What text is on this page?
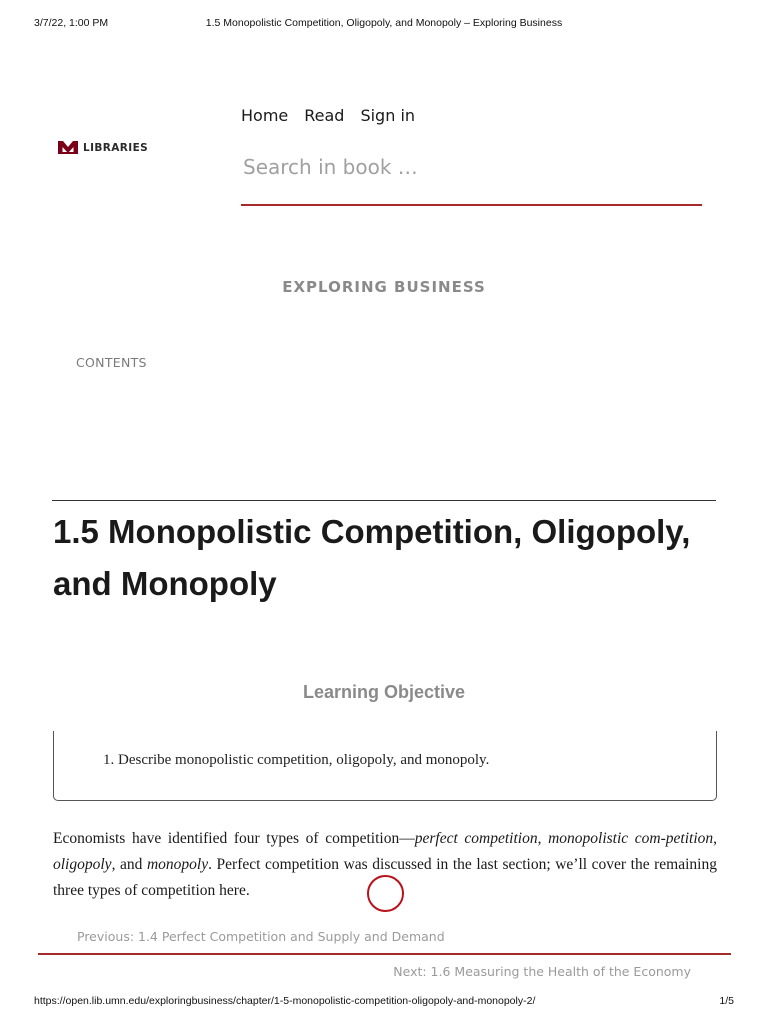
3/7/22, 1:00 PM	1.5 Monopolistic Competition, Oligopoly, and Monopoly – Exploring Business
LIBRARIES
Home Read Sign in
Search in book …
EXPLORING BUSINESS
CONTENTS
1.5 Monopolistic Competition, Oligopoly, and Monopoly
Learning Objective
1. Describe monopolistic competition, oligopoly, and monopoly.

Economists have identified four types of competition—perfect competition, monopolistic com-petition, oligopoly, and monopoly. Perfect competition was discussed in the last section; we’ll cover the remaining three types of competition here.

Previous: 1.4 Perfect Competition and Supply and Demand
Next: 1.6 Measuring the Health of the Economy
https://open.lib.umn.edu/exploringbusiness/chapter/1-5-monopolistic-competition-oligopoly-and-monopoly-2/	1/5
